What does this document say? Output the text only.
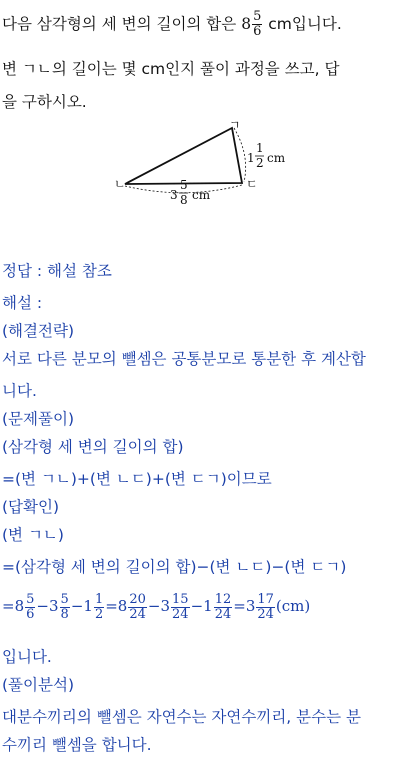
다음 삼각형의 세 변의 길이의 합은 $8 \frac{5}{6}$ cm입니다.
변 ㄱㄴ의 길이는 몇 cm인지 풀이 과정을 쓰고, 답
을 구하시오.
ㄱ
ㄴ	ㄷ
1
1
2 cm
3
5
8 cm
정답 : 해설 참조
해설 :
(해결전략)
서로 다른 분모의 뺄셈은 공통분모로 통분한 후 계산합
니다.
(문제풀이)
(삼각형 세 변의 길이의 합)
=(변 ㄱㄴ)+(변 ㄴㄷ)+(변 ㄷㄱ)이므로
(답확인)
(변 ㄱㄴ)
=(삼각형 세 변의 길이의 합)−(변 ㄴㄷ)−(변 ㄷㄱ)
$=8 \frac{5}{6} -3 \frac{5}{8} -1 \frac{1}{2} =8 \frac{20}{24} -3 \frac{15}{24} -1 \frac{12}{24} =3 \frac{17}{24} (cm)$
입니다.
(풀이분석)
대분수끼리의 뺄셈은 자연수는 자연수끼리, 분수는 분
수끼리 뺄셈을 합니다.
